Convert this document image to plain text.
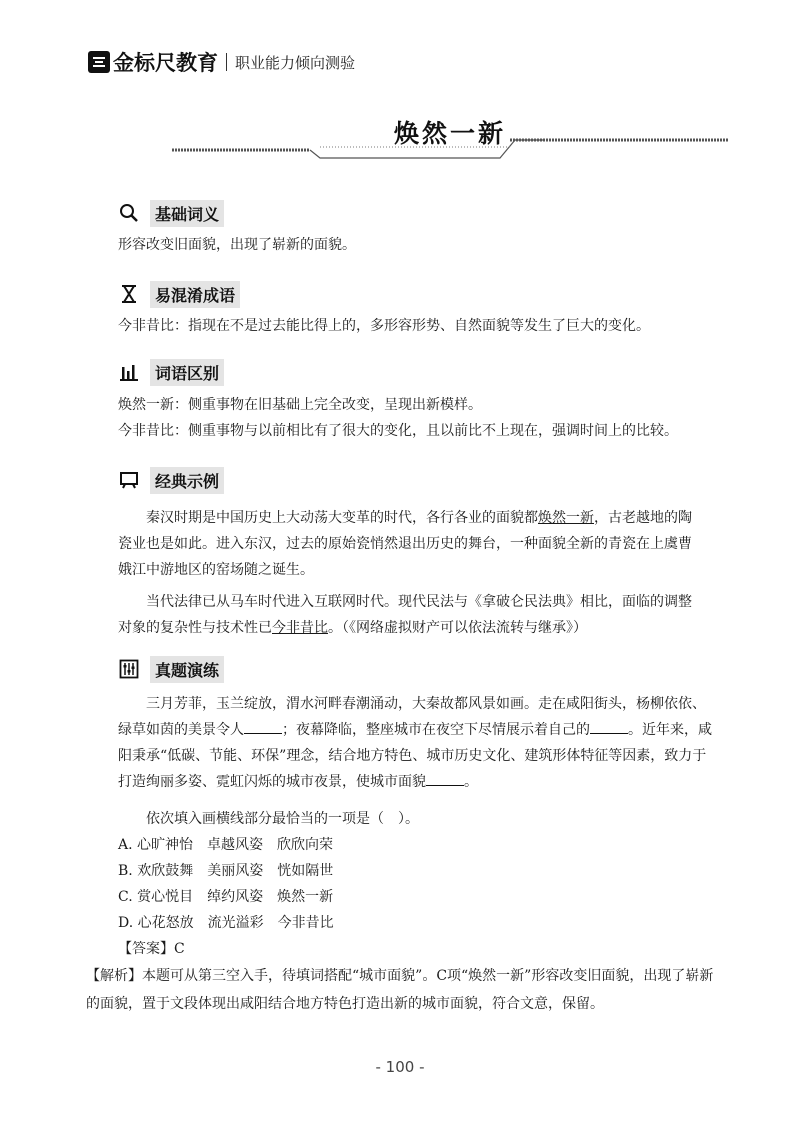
金标尺教育 职业能力倾向测验
焕然一新
基础词义
形容改变旧面貌，出现了崭新的面貌。
易混淆成语
今非昔比：指现在不是过去能比得上的，多形容形势、自然面貌等发生了巨大的变化。
词语区别
焕然一新：侧重事物在旧基础上完全改变，呈现出新模样。
今非昔比：侧重事物与以前相比有了很大的变化，且以前比不上现在，强调时间上的比较。
经典示例
秦汉时期是中国历史上大动荡大变革的时代，各行各业的面貌都焕然一新，古老越地的陶瓷业也是如此。进入东汉，过去的原始瓷悄然退出历史的舞台，一种面貌全新的青瓷在上虞曹娥江中游地区的窑场随之诞生。
当代法律已从马车时代进入互联网时代。现代民法与《拿破仑民法典》相比，面临的调整对象的复杂性与技术性已今非昔比。（《网络虚拟财产可以依法流转与继承》）
真题演练
三月芳菲，玉兰绽放，渭水河畔春潮涌动，大秦故都风景如画。走在咸阳街头，杨柳依依、绿草如茵的美景令人	；夜幕降临，整座城市在夜空下尽情展示着自己的	。近年来，咸阳秉承“低碳、节能、环保”理念，结合地方特色、城市历史文化、建筑形体特征等因素，致力于打造绚丽多姿、霓虹闪烁的城市夜景，使城市面貌	。
依次填入画横线部分最恰当的一项是（　）。
A. 心旷神怡 卓越风姿 欣欣向荣
B. 欢欣鼓舞 美丽风姿 恍如隔世
C. 赏心悦目 绰约风姿 焕然一新
D. 心花怒放 流光溢彩 今非昔比
【答案】C
【解析】本题可从第三空入手，待填词搭配“城市面貌”。C项“焕然一新”形容改变旧面貌，出现了崭新的面貌，置于文段体现出咸阳结合地方特色打造出新的城市面貌，符合文意，保留。
- 100 -
